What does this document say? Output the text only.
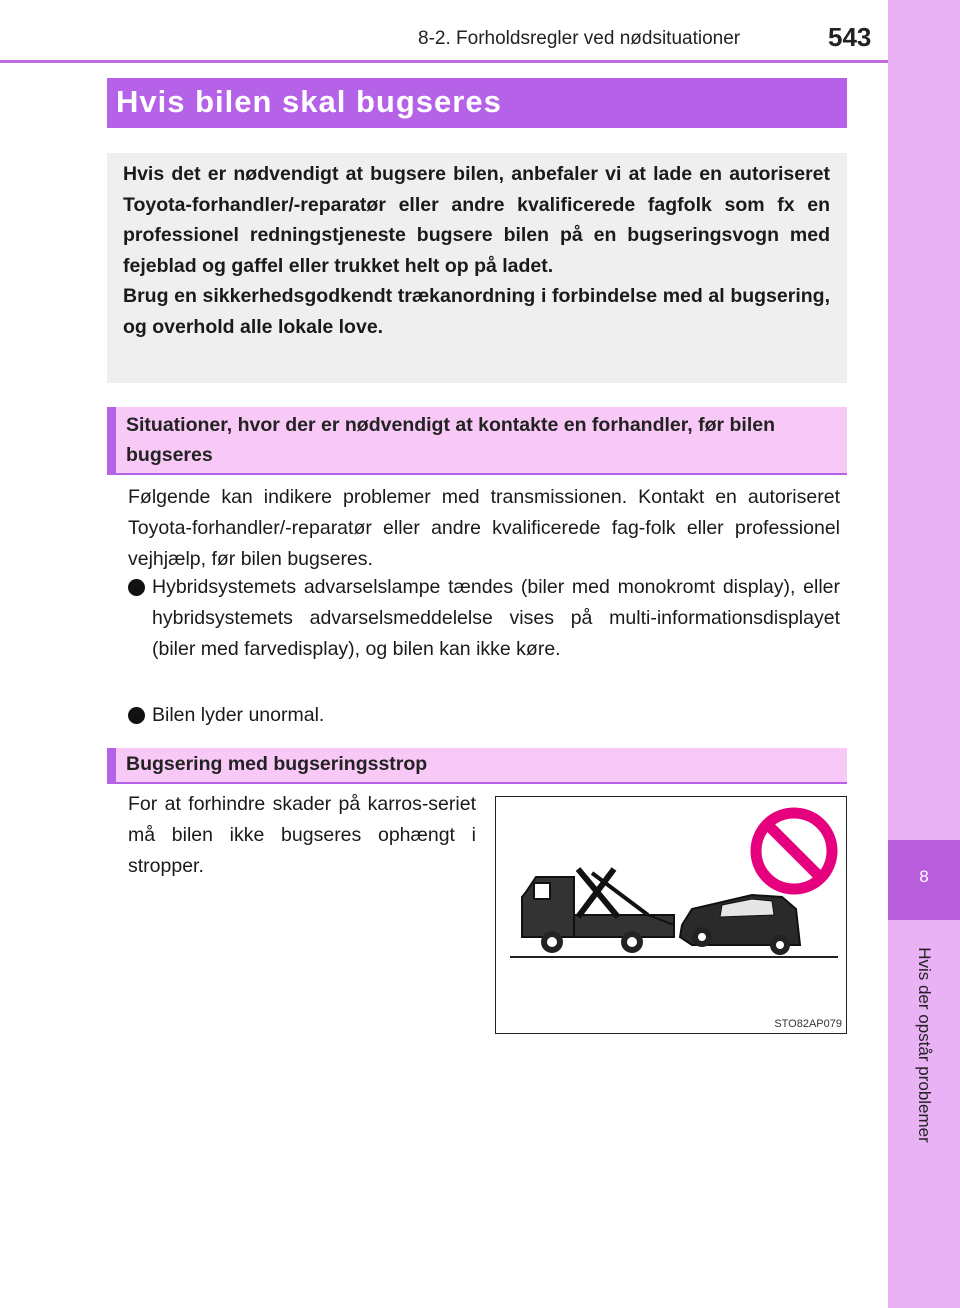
8-2. Forholdsregler ved nødsituationer	543
8
Hvis der opstår problemer
Hvis bilen skal bugseres

Hvis det er nødvendigt at bugsere bilen, anbefaler vi at lade en autoriseret Toyota-forhandler/-reparatør eller andre kvalificerede fagfolk som fx en professionel redningstjeneste bugsere bilen på en bugseringsvogn med fejeblad og gaffel eller trukket helt op på ladet.

Brug en sikkerhedsgodkendt trækanordning i forbindelse med al bugsering, og overhold alle lokale love.

Situationer, hvor der er nødvendigt at kontakte en forhandler, før bilen bugseres

Følgende kan indikere problemer med transmissionen. Kontakt en autoriseret Toyota-forhandler/-reparatør eller andre kvalificerede fag-folk eller professionel vejhjælp, før bilen bugseres.

Hybridsystemets advarselslampe tændes (biler med monokromt display), eller hybridsystemets advarselsmeddelelse vises på multi-informationsdisplayet (biler med farvedisplay), og bilen kan ikke køre.
Bilen lyder unormal.
Bugsering med bugseringsstrop

For at forhindre skader på karros-seriet må bilen ikke bugseres ophængt i stropper.

STO82AP079
